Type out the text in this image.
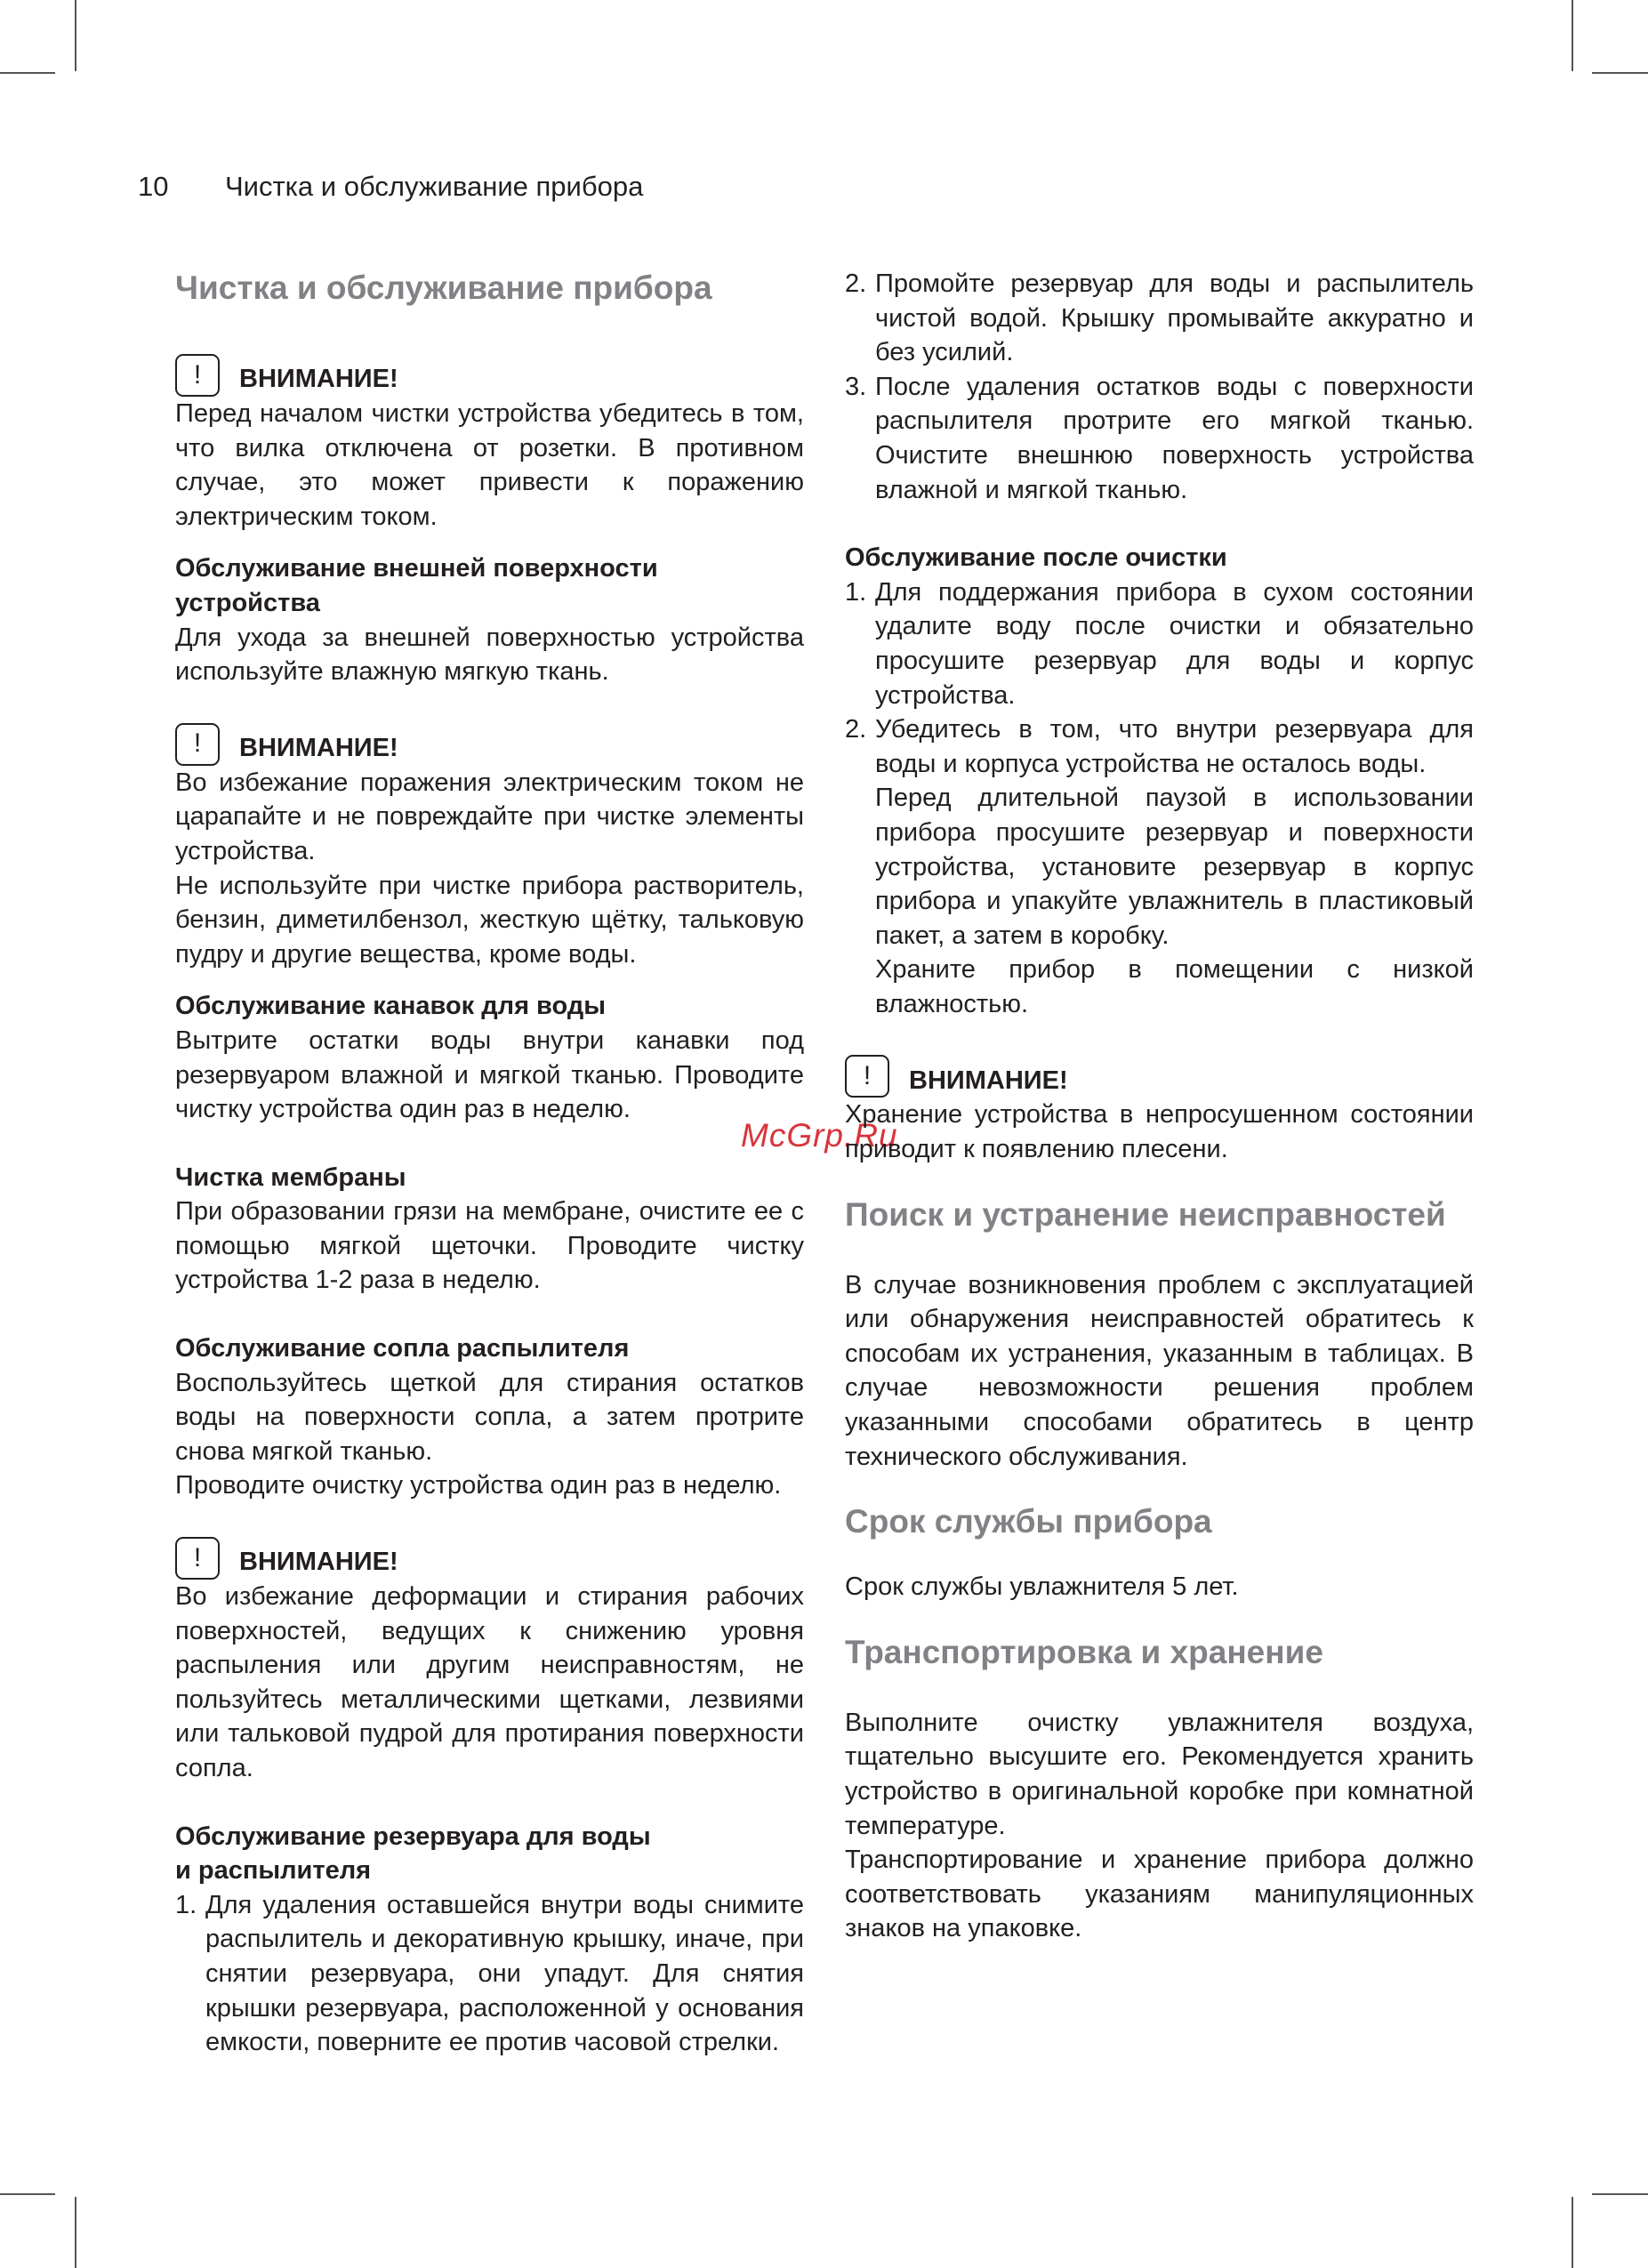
10 Чистка и обслуживание прибора
McGrp.Ru
Чистка и обслуживание прибора
!	ВНИМАНИЕ!

Перед началом чистки устройства убедитесь в том, что вилка отключена от розетки. В противном случае, это может привести к поражению электрическим током.

Обслуживание внешней поверхности устройства

Для ухода за внешней поверхностью устройства используйте влажную мягкую ткань.

!	ВНИМАНИЕ!

Во избежание поражения электрическим током не царапайте и не повреждайте при чистке элементы устройства.

Не используйте при чистке прибора растворитель, бензин, диметилбензол, жесткую щётку, тальковую пудру и другие вещества, кроме воды.

Обслуживание канавок для воды

Вытрите остатки воды внутри канавки под резервуаром влажной и мягкой тканью. Проводите чистку устройства один раз в неделю.

Чистка мембраны

При образовании грязи на мембране, очистите ее с помощью мягкой щеточки. Проводите чистку устройства 1-2 раза в неделю.

Обслуживание сопла распылителя

Воспользуйтесь щеткой для стирания остатков воды на поверхности сопла, а затем протрите снова мягкой тканью.

Проводите очистку устройства один раз в неделю.

!	ВНИМАНИЕ!

Во избежание деформации и стирания рабочих поверхностей, ведущих к снижению уровня распыления или другим неисправностям, не пользуйтесь металлическими щетками, лезвиями или тальковой пудрой для протирания поверхности сопла.

Обслуживание резервуара для воды

и распылителя

1. Для удаления оставшейся внутри воды снимите распылитель и декоративную крышку, иначе, при снятии резервуара, они упадут. Для снятия крышки резервуара, расположенной у основания емкости, поверните ее против часовой стрелки.
2. Промойте резервуар для воды и распылитель чистой водой. Крышку промывайте аккуратно и без усилий.
3. После удаления остатков воды с поверхности распылителя протрите его мягкой тканью. Очистите внешнюю поверхность устройства влажной и мягкой тканью.

Обслуживание после очистки

1. Для поддержания прибора в сухом состоянии удалите воду после очистки и обязательно просушите резервуар для воды и корпус устройства.
2. Убедитесь в том, что внутри резервуара для воды и корпуса устройства не осталось воды.

Перед длительной паузой в использовании прибора просушите резервуар и поверхности устройства, установите резервуар в корпус прибора и упакуйте увлажнитель в пластиковый пакет, а затем в коробку.

Храните прибор в помещении с низкой влажностью.

!	ВНИМАНИЕ!

Хранение устройства в непросушенном состоянии приводит к появлению плесени.

Поиск и устранение неисправностей

В случае возникновения проблем с эксплуатацией или обнаружения неисправностей обратитесь к способам их устранения, указанным в таблицах. В случае невозможности решения проблем указанными способами обратитесь в центр технического обслуживания.

Срок службы прибора

Срок службы увлажнителя 5 лет.

Транспортировка и хранение

Выполните очистку увлажнителя воздуха, тщательно высушите его. Рекомендуется хранить устройство в оригинальной коробке при комнатной температуре.

Транспортирование и хранение прибора должно соответствовать указаниям манипуляционных знаков на упаковке.
